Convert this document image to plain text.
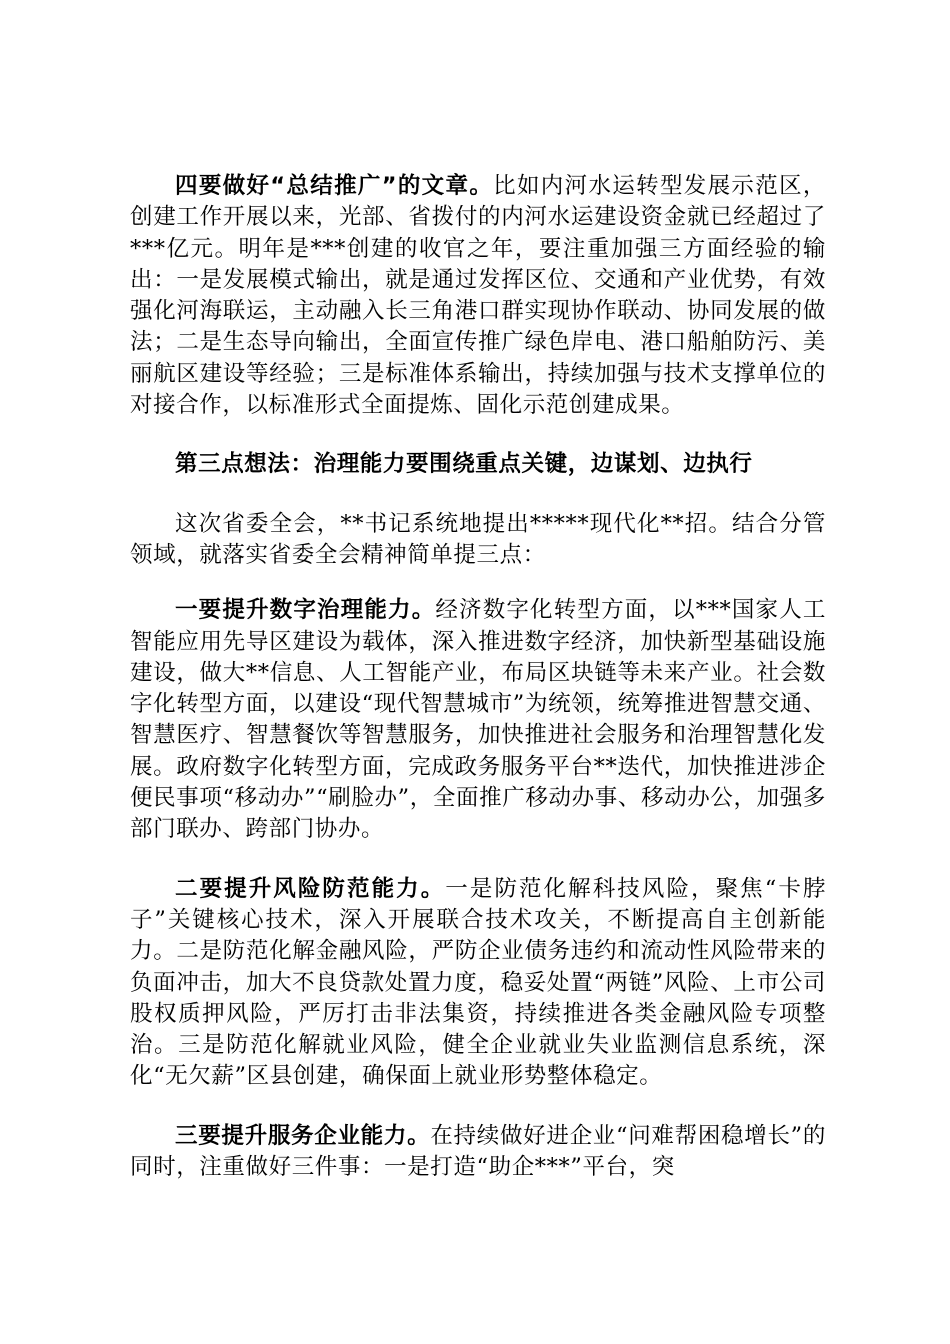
四要做好“总结推广”的文章。比如内河水运转型发展示范区，创建工作开展以来，光部、省拨付的内河水运建设资金就已经超过了***亿元。明年是***创建的收官之年，要注重加强三方面经验的输出：一是发展模式输出，就是通过发挥区位、交通和产业优势，有效强化河海联运，主动融入长三角港口群实现协作联动、协同发展的做法；二是生态导向输出，全面宣传推广绿色岸电、港口船舶防污、美丽航区建设等经验；三是标准体系输出，持续加强与技术支撑单位的对接合作，以标准形式全面提炼、固化示范创建成果。

第三点想法：治理能力要围绕重点关键，边谋划、边执行

这次省委全会，**书记系统地提出*****现代化**招。结合分管领域，就落实省委全会精神简单提三点：

一要提升数字治理能力。经济数字化转型方面，以***国家人工智能应用先导区建设为载体，深入推进数字经济，加快新型基础设施建设，做大**信息、人工智能产业，布局区块链等未来产业。社会数字化转型方面，以建设“现代智慧城市”为统领，统筹推进智慧交通、智慧医疗、智慧餐饮等智慧服务，加快推进社会服务和治理智慧化发展。政府数字化转型方面，完成政务服务平台**迭代，加快推进涉企便民事项“移动办”“刷脸办”，全面推广移动办事、移动办公，加强多部门联办、跨部门协办。

二要提升风险防范能力。一是防范化解科技风险，聚焦“卡脖子”关键核心技术，深入开展联合技术攻关，不断提高自主创新能力。二是防范化解金融风险，严防企业债务违约和流动性风险带来的负面冲击，加大不良贷款处置力度，稳妥处置“两链”风险、上市公司股权质押风险，严厉打击非法集资，持续推进各类金融风险专项整治。三是防范化解就业风险，健全企业就业失业监测信息系统，深化“无欠薪”区县创建，确保面上就业形势整体稳定。

三要提升服务企业能力。在持续做好进企业“问难帮困稳增长”的同时，注重做好三件事：一是打造“助企***”平台，突
